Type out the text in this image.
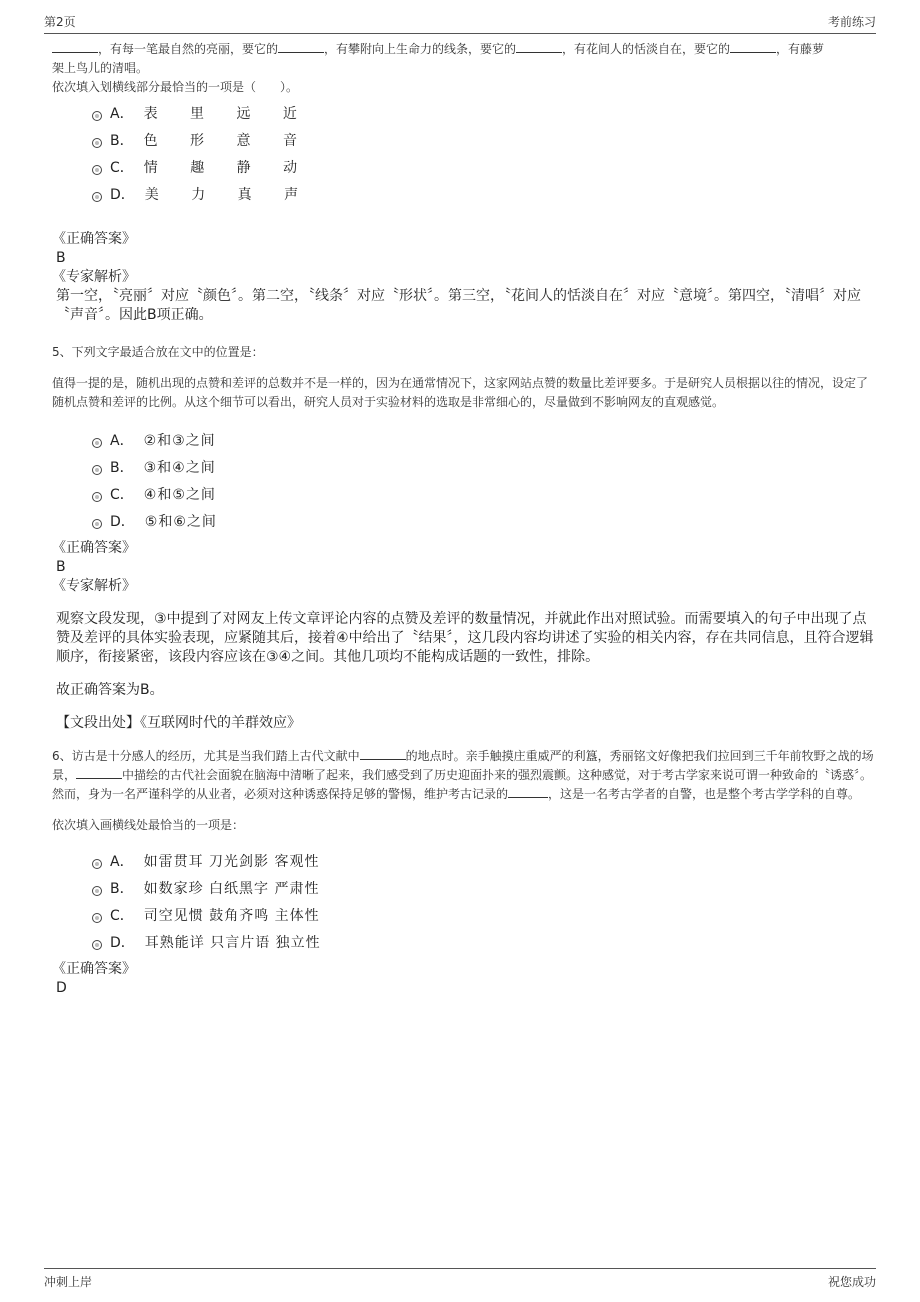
第2页	考前练习

，有每一笔最自然的亮丽，要它的	，有攀附向上生命力的线条，要它的	，有花间人的恬淡自在，要它的	，有藤萝
架上鸟儿的清唱。

依次填入划横线部分最恰当的一项是（　　）。

A． 表 里 远 近
B． 色 形 意 音
C． 情 趣 静 动
D． 美 力 真 声

《正确答案》

B

《专家解析》

第一空，〝亮丽〞对应〝颜色〞。第二空，〝线条〞对应〝形状〞。第三空，〝花间人的恬淡自在〞对应〝意境〞。第四空，〝清唱〞对应〝声音〞。因此B项正确。

5、下列文字最适合放在文中的位置是：

值得一提的是，随机出现的点赞和差评的总数并不是一样的，因为在通常情况下，这家网站点赞的数量比差评要多。于是研究人员根据以往的情况，设定了随机点赞和差评的比例。从这个细节可以看出，研究人员对于实验材料的选取是非常细心的，尽量做到不影响网友的直观感觉。

A． ②和③之间
B． ③和④之间
C． ④和⑤之间
D． ⑤和⑥之间

《正确答案》

B

《专家解析》

观察文段发现，③中提到了对网友上传文章评论内容的点赞及差评的数量情况，并就此作出对照试验。而需要填入的句子中出现了点赞及差评的具体实验表现，应紧随其后，接着④中给出了〝结果〞，这几段内容均讲述了实验的相关内容，存在共同信息，且符合逻辑顺序，衔接紧密，该段内容应该在③④之间。其他几项均不能构成话题的一致性，排除。

故正确答案为B。

【文段出处】《互联网时代的羊群效应》

6、访古是十分感人的经历，尤其是当我们踏上古代文献中	的地点时。亲手触摸庄重威严的利簋，秀丽铭文好像把我们拉回到三千年前牧野之战的场景，	中描绘的古代社会面貌在脑海中清晰了起来，我们感受到了历史迎面扑来的强烈震颤。这种感觉，对于考古学家来说可谓一种致命的〝诱惑〞。然而，身为一名严谨科学的从业者，必须对这种诱惑保持足够的警惕，维护考古记录的	，这是一名考古学者的自警，也是整个考古学学科的自尊。

依次填入画横线处最恰当的一项是：

A． 如雷贯耳 刀光剑影 客观性
B． 如数家珍 白纸黑字 严肃性
C． 司空见惯 鼓角齐鸣 主体性
D． 耳熟能详 只言片语 独立性

《正确答案》

D

冲刺上岸	祝您成功
